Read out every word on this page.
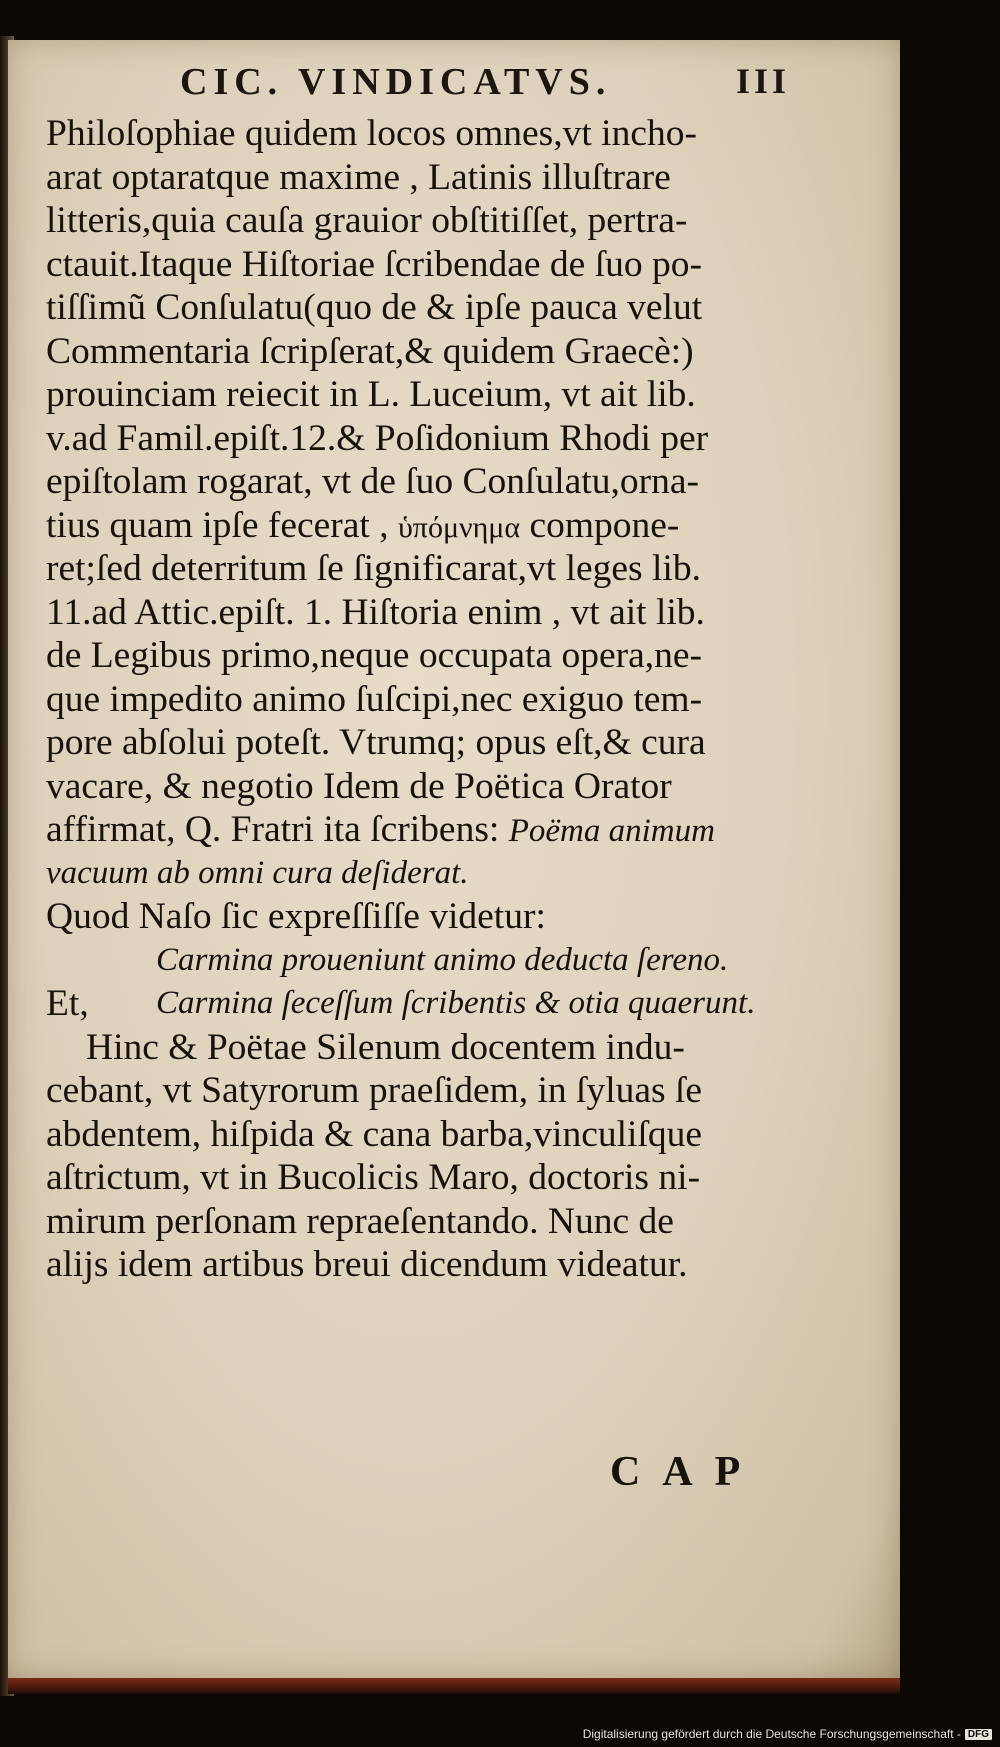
CIC. VINDICATVS.	III
Philoſophiae quidem locos omnes,vt incho-
arat optaratque maxime , Latinis illuſtrare
litteris,quia cauſa grauior obſtitiſſet, pertra-
ctauit.Itaque Hiſtoriae ſcribendae de ſuo po-
tiſſimũ Conſulatu(quo de & ipſe pauca velut
Commentaria ſcripſerat,& quidem Graecè:)
prouinciam reiecit in L. Luceium, vt ait lib.
v.ad Famil.epiſt.12.& Poſidonium Rhodi per
epiſtolam rogarat, vt de ſuo Conſulatu,orna-
tius quam ipſe fecerat , ὑπόμνημα compone-
ret;ſed deterritum ſe ſignificarat,vt leges lib.
11.ad Attic.epiſt. 1. Hiſtoria enim , vt ait lib.
de Legibus primo,neque occupata opera,ne-
que impedito animo ſuſcipi,nec exiguo tem-
pore abſolui poteſt. Vtrumq; opus eſt,& cura
vacare, & negotio Idem de Poëtica Orator
affirmat, Q. Fratri ita ſcribens: Poëma animum
vacuum ab omni cura deſiderat.
Quod Naſo ſic expreſſiſſe videtur:
Carmina proueniunt animo deducta ſereno.
Et, Carmina ſeceſſum ſcribentis & otia quaerunt.
Hinc & Poëtae Silenum docentem indu-
cebant, vt Satyrorum praeſidem, in ſyluas ſe
abdentem, hiſpida & cana barba,vinculiſque
aſtrictum, vt in Bucolicis Maro, doctoris ni-
mirum perſonam repraeſentando. Nunc de
alijs idem artibus breui dicendum videatur.
CAP
Digitalisierung gefördert durch die Deutsche Forschungsgemeinschaft - DFG
